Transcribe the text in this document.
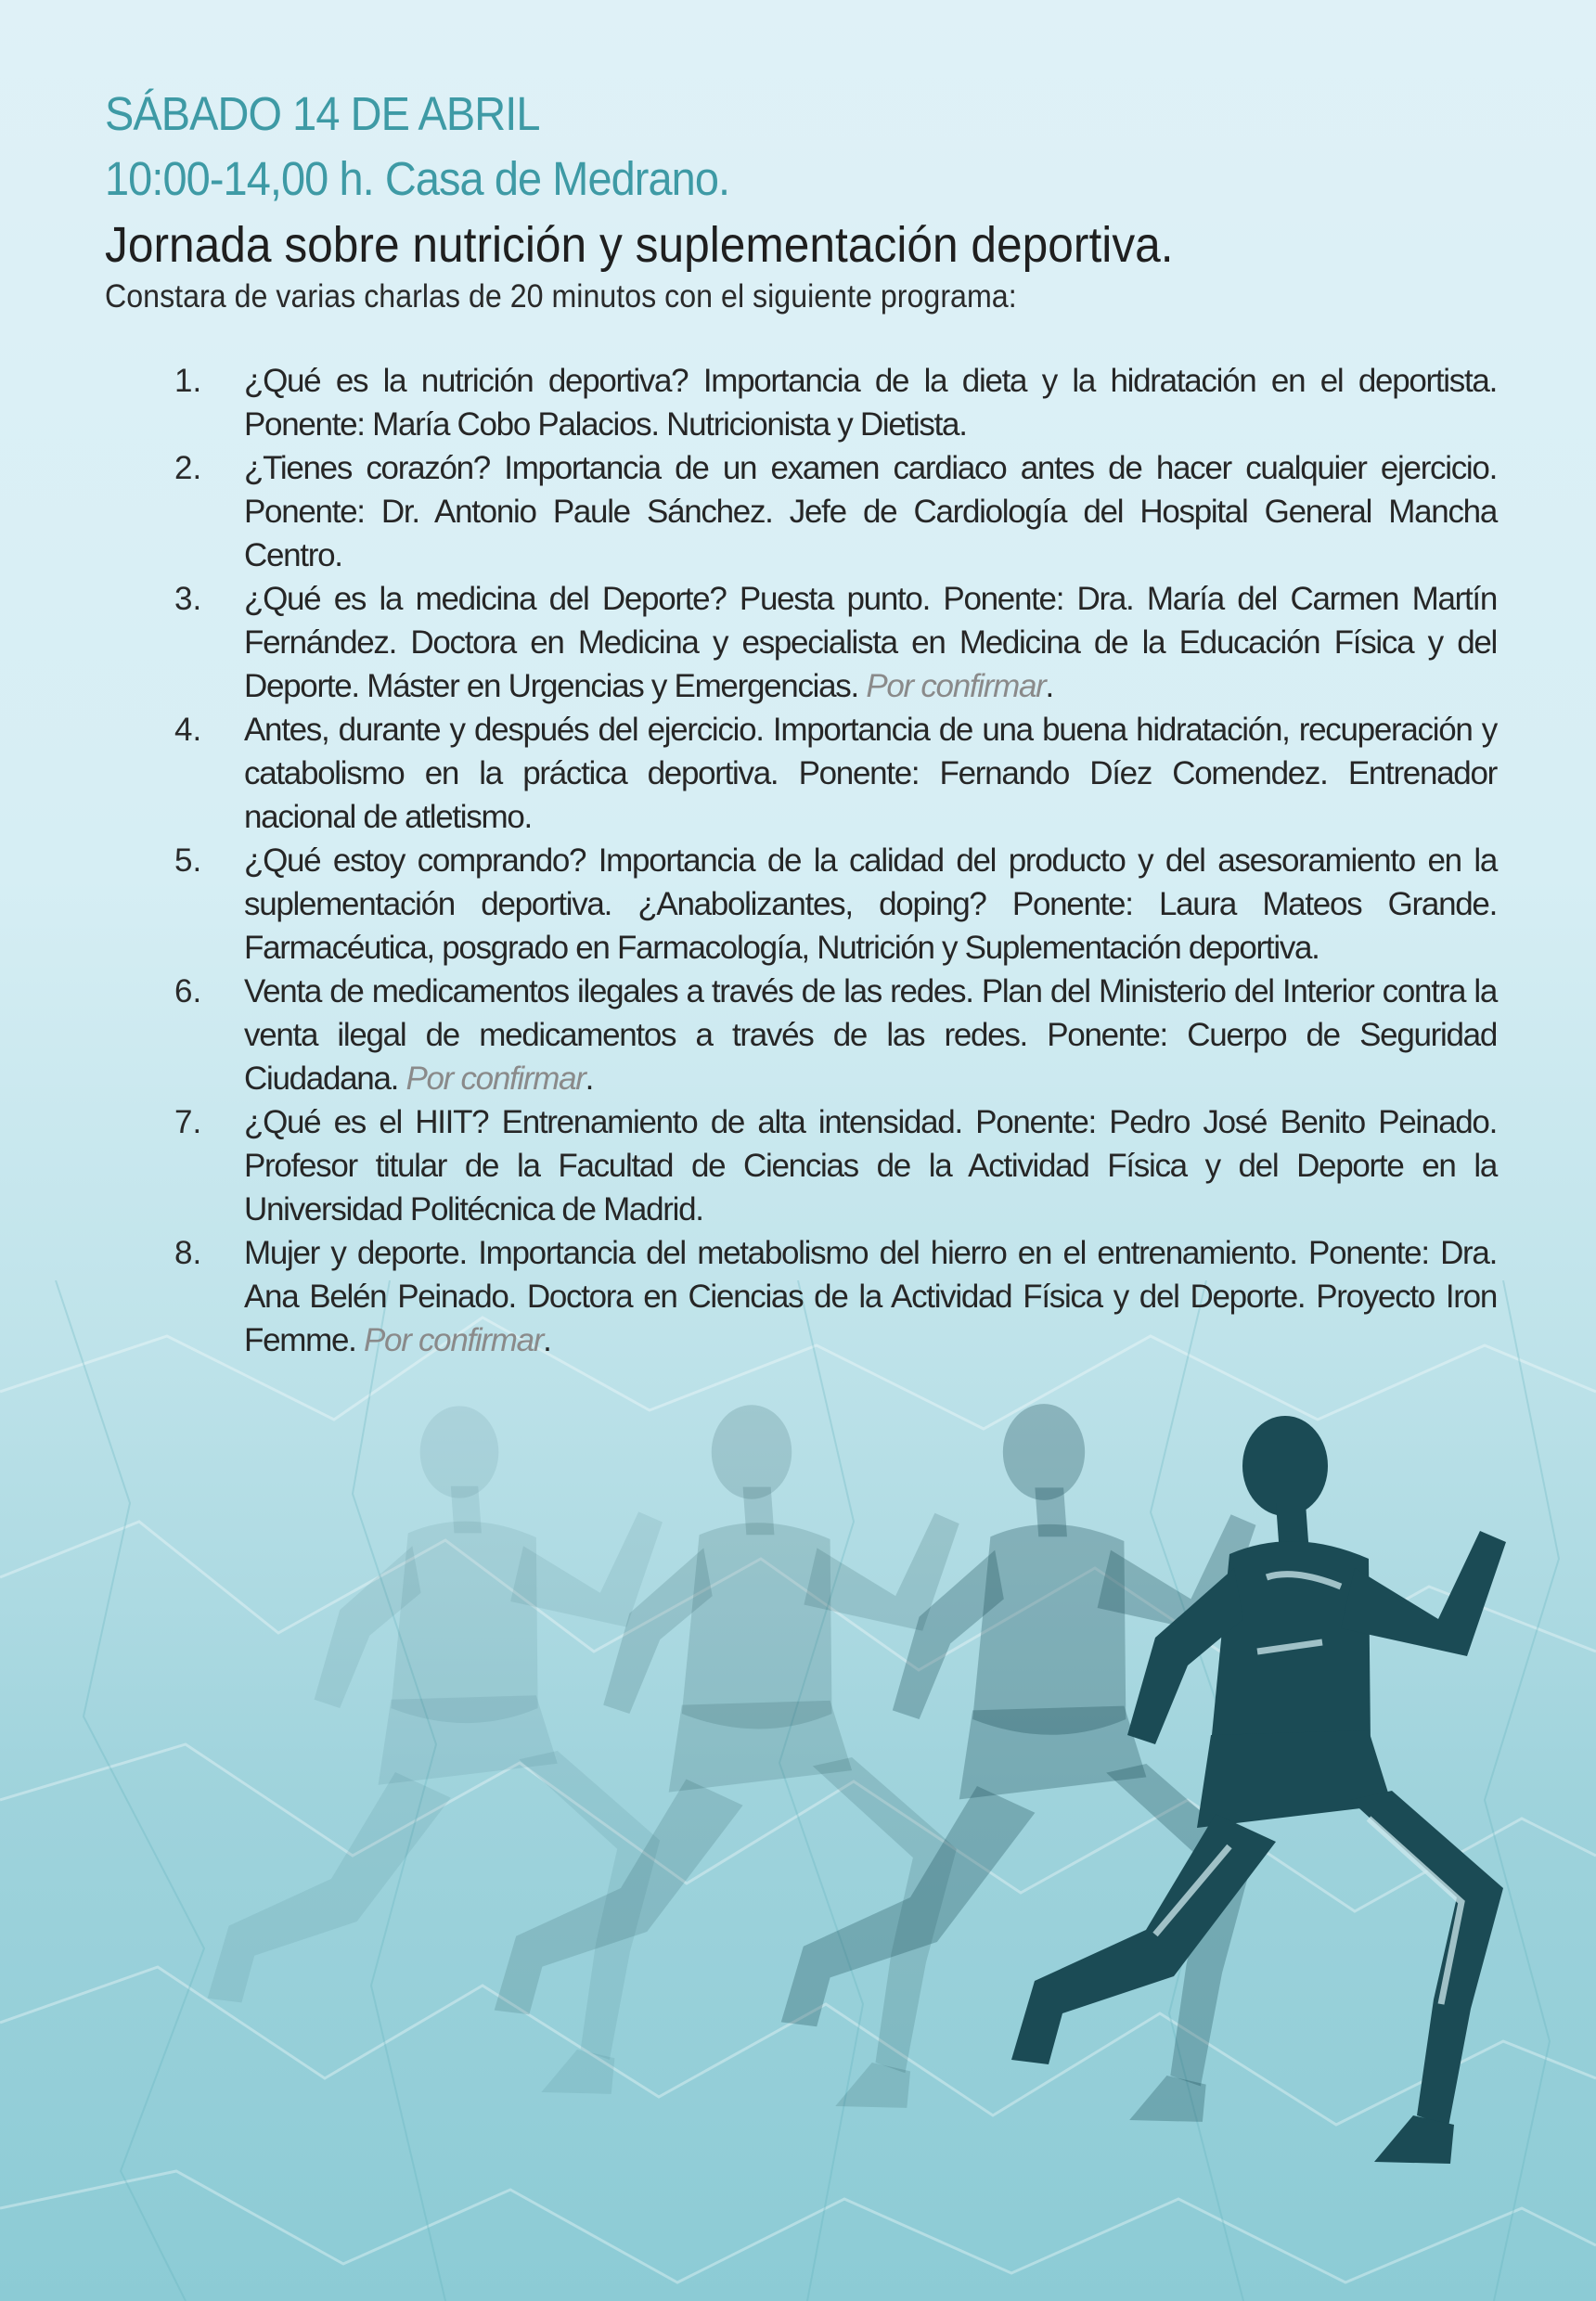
SÁBADO 14 DE ABRIL
10:00-14,00 h. Casa de Medrano.
Jornada sobre nutrición y suplementación deportiva.
Constara de varias charlas de 20 minutos con el siguiente programa:
1.	¿Qué es la nutrición deportiva? Importancia de la dieta y la hidratación en el deportista. Ponente: María Cobo Palacios. Nutricionista y Dietista.
2.	¿Tienes corazón? Importancia de un examen cardiaco antes de hacer cualquier ejercicio. Ponente: Dr. Antonio Paule Sánchez. Jefe de Cardiología del Hospital General Mancha Centro.
3.	¿Qué es la medicina del Deporte? Puesta punto. Ponente: Dra. María del Carmen Martín Fernández. Doctora en Medicina y especialista en Medicina de la Educación Física y del Deporte. Máster en Urgencias y Emergencias. Por confirmar.
4.	Antes, durante y después del ejercicio. Importancia de una buena hidratación, recuperación y catabolismo en la práctica deportiva. Ponente: Fernando Díez Comendez. Entrenador nacional de atletismo.
5.	¿Qué estoy comprando? Importancia de la calidad del producto y del asesoramiento en la suplementación deportiva. ¿Anabolizantes, doping? Ponente: Laura Mateos Grande. Farmacéutica, posgrado en Farmacología, Nutrición y Suplementación deportiva.
6.	Venta de medicamentos ilegales a través de las redes. Plan del Ministerio del Interior contra la venta ilegal de medicamentos a través de las redes. Ponente: Cuerpo de Seguridad Ciudadana. Por confirmar.
7.	¿Qué es el HIIT? Entrenamiento de alta intensidad. Ponente: Pedro José Benito Peinado. Profesor titular de la Facultad de Ciencias de la Actividad Física y del Deporte en la Universidad Politécnica de Madrid.
8.	Mujer y deporte. Importancia del metabolismo del hierro en el entrenamiento. Ponente: Dra. Ana Belén Peinado. Doctora en Ciencias de la Actividad Física y del Deporte. Proyecto Iron Femme. Por confirmar.
